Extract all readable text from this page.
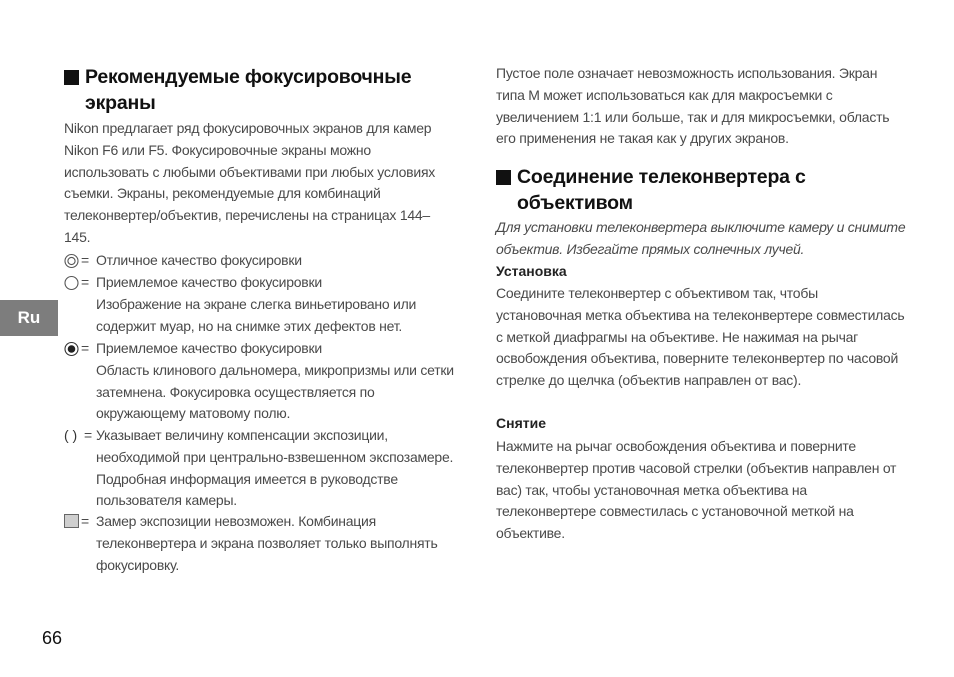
Рекомендуемые фокусировочные
экраны

Nikon предлагает ряд фокусировочных экранов для камер Nikon F6 или F5. Фокусировочные экраны можно использовать с любыми объективами при любых условиях съемки. Экраны, рекомендуемые для комбинаций телеконвертер/объектив, перечислены на страницах 144–145.

= Отличное качество фокусировки
= Приемлемое качество фокусировки
Изображение на экране слегка виньетировано или содержит муар, но на снимке этих дефектов нет.
= Приемлемое качество фокусировки
Область клинового дальномера, микропризмы или сетки затемнена. Фокусировка осуществляется по окружающему матовому полю.
( ) = Указывает величину компенсации экспозиции, необходимой при центрально-взвешенном экспозамере. Подробная информация имеется в руководстве пользователя камеры.
= Замер экспозиции невозможен. Комбинация телеконвертера и экрана позволяет только выполнять фокусировку.

Пустое поле означает невозможность использования. Экран типа M может использоваться как для макросъемки с увеличением 1:1 или больше, так и для микросъемки, область его применения не такая как у других экранов.

Соединение телеконвертера с
объективом

Для установки телеконвертера выключите камеру и снимите объектив. Избегайте прямых солнечных лучей.

Установка

Соедините телеконвертер с объективом так, чтобы установочная метка объектива на телеконвертере совместилась с меткой диафрагмы на объективе. Не нажимая на рычаг освобождения объектива, поверните телеконвертер по часовой стрелке до щелчка (объектив направлен от вас).

Снятие

Нажмите на рычаг освобождения объектива и поверните телеконвертер против часовой стрелки (объектив направлен от вас) так, чтобы установочная метка объектива на телеконвертере совместилась с установочной меткой на объективе.

Ru
66
